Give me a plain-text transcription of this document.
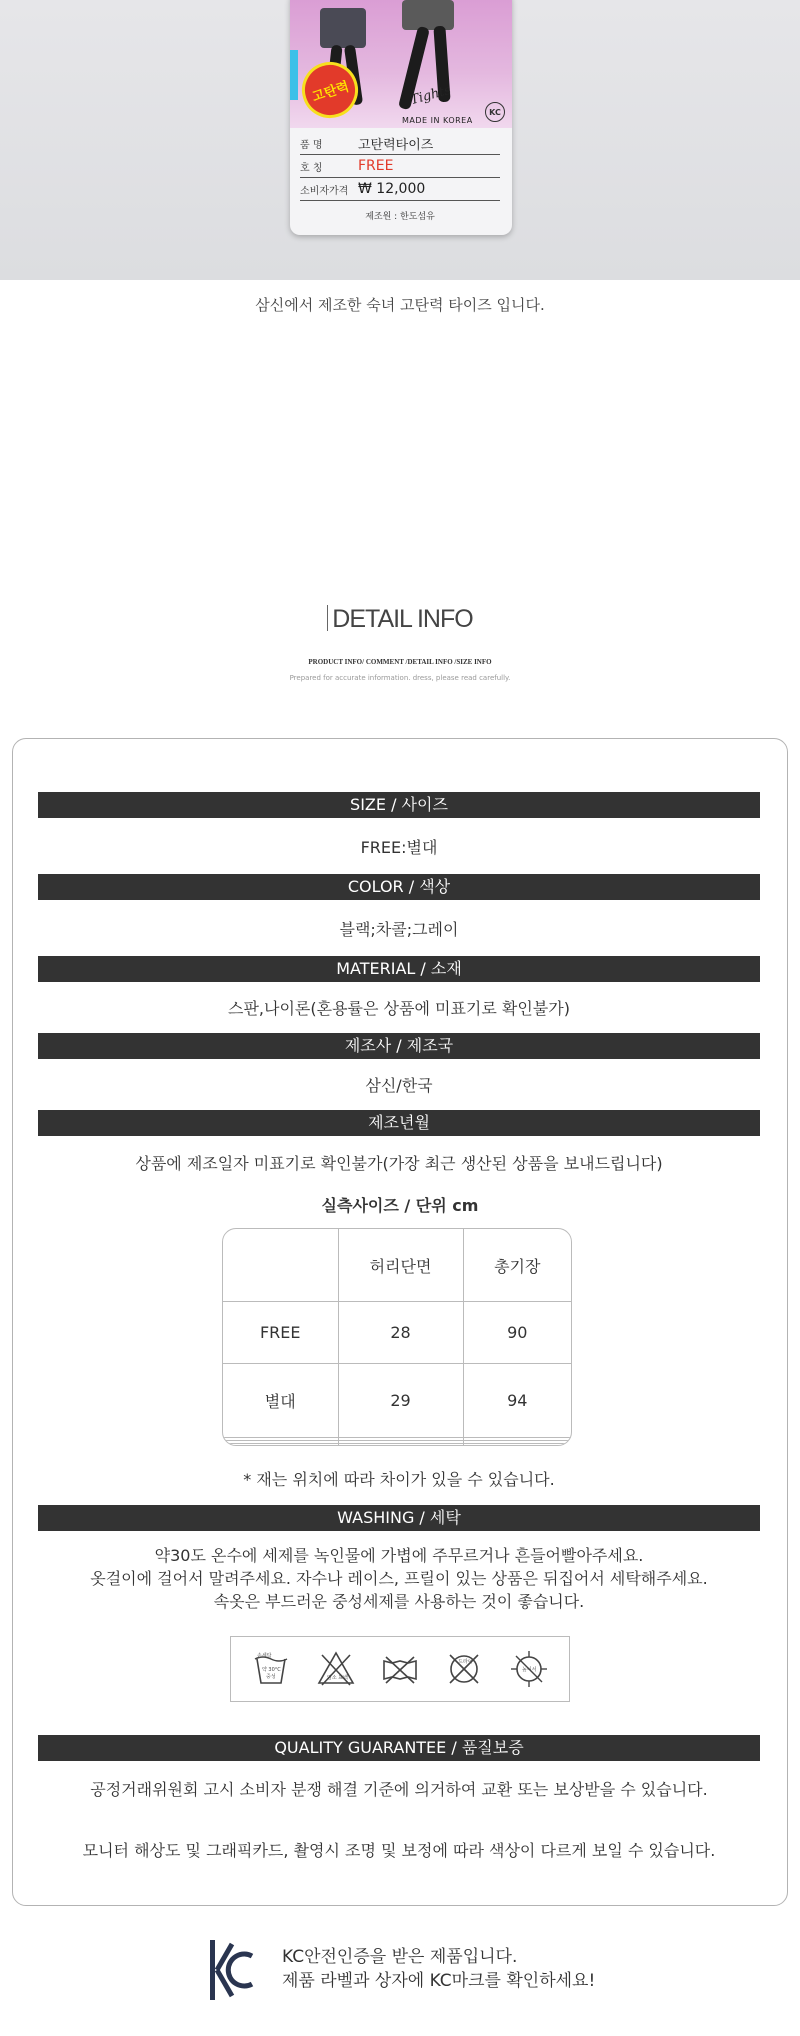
고탄력	Tights
KC
MADE IN KOREA
품 명	고탄력타이즈
호 칭	FREE
소비자가격 ₩ 12,000
제조원 : 한도섬유
삼신에서 제조한 숙녀 고탄력 타이즈 입니다.
DETAIL INFO
PRODUCT INFO/ COMMENT /DETAIL INFO /SIZE INFO
Prepared for accurate information. dress, please read carefully.
SIZE / 사이즈
FREE:별대
COLOR / 색상
블랙;차콜;그레이
MATERIAL / 소재
스판,나이론(혼용률은 상품에 미표기로 확인불가)
제조사 / 제조국
삼신/한국
제조년월
상품에 제조일자 미표기로 확인불가(가장 최근 생산된 상품을 보내드립니다)
실측사이즈 / 단위 cm
	허리단면	총기장
FREE	28	90
별대	29	94

* 재는 위치에 따라 차이가 있을 수 있습니다.
WASHING / 세탁
약30도 온수에 세제를 녹인물에 가볍에 주무르거나 흔들어빨아주세요.
옷걸이에 걸어서 말려주세요. 자수나 레이스, 프릴이 있는 상품은 뒤집어서 세탁해주세요.
속옷은 부드러운 중성세제를 사용하는 것이 좋습니다.
손세탁
약 30°C
중성	염소 표백
드라이
높이서
QUALITY GUARANTEE / 품질보증
공정거래위원회 고시 소비자 분쟁 해결 기준에 의거하여 교환 또는 보상받을 수 있습니다.
모니터 해상도 및 그래픽카드, 촬영시 조명 및 보정에 따라 색상이 다르게 보일 수 있습니다.
KC안전인증을 받은 제품입니다.
제품 라벨과 상자에 KC마크를 확인하세요!
